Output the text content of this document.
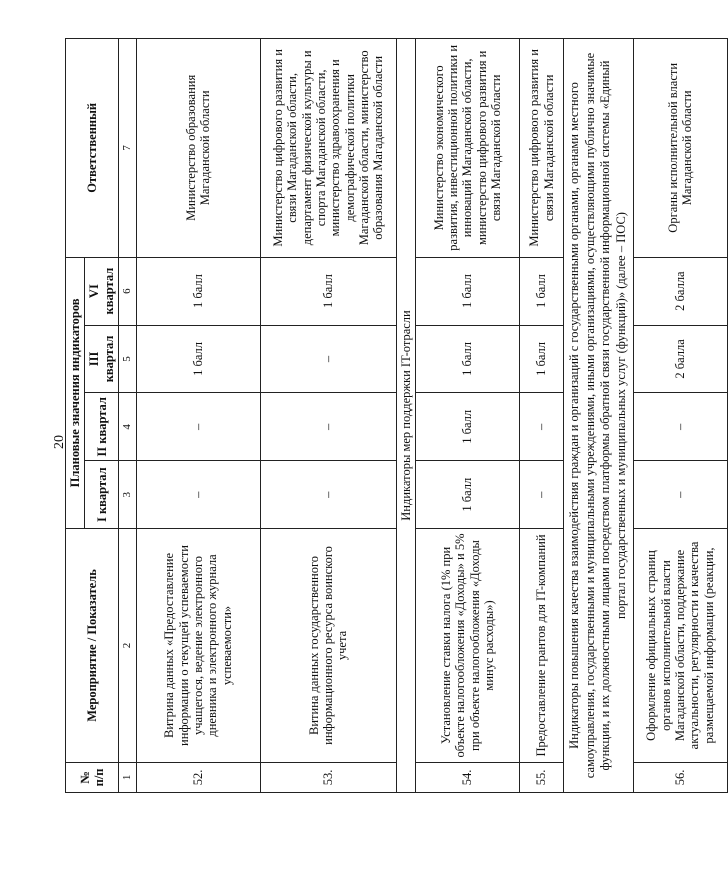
20
№ п/п	Мероприятие / Показатель	Плановые значения индикаторов				Ответственный
		I квартал	II квартал	III квартал	VI квартал	
1	2	3	4	5	6	7
52.	Витрина данных «Предоставление информации о текущей успеваемости учащегося, ведение электронного дневника и электронного журнала успеваемости»	–	–	1 балл	1 балл	Министерство образования Магаданской области
53.	Витина данных государственного информационного ресурса воинского учета	–	–	–	1 балл	Министерство цифрового развития и связи Магаданской области, департамент физической культуры и спорта Магаданской области, министерство здравоохранения и демографической политики Магаданской области, министерство образования Магаданской области
Индикаторы мер поддержки IT-отрасли						
54.	Установление ставки налога (1% при объекте налогообложения «Доходы» и 5% при объекте налогообложения «Доходы минус расходы»)	1 балл	1 балл	1 балл	1 балл	Министерство экономического развития, инвестиционной политики и инноваций Магаданской области, министерство цифрового развития и связи Магаданской области
55.	Предоставление грантов для IT-компаний	–	–	1 балл	1 балл	Министерство цифрового развития и связи Магаданской области
Индикаторы повышения качества взаимодействия граждан и организаций с государственными органами, органами местного самоуправления, государственными и муниципальными учреждениями, иными организациями, осуществляющими публично значимые функции, и их должностными лицами посредством платформы обратной связи государственной информационной системы «Единый портал государственных и муниципальных услуг (функций)» (далее – ПОС)						
56.	Оформление официальных страниц органов исполнительной власти Магаданской области, поддержание актуальности, регулярности и качества размещаемой информации (реакции,	–	–	2 балла	2 балла	Органы исполнительной власти Магаданской области
